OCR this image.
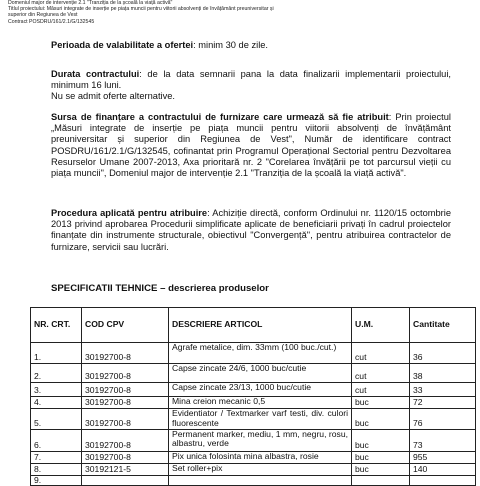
Domeniul major de intervenție 2.1 "Tranziția de la școală la viață activă"
Titlul proiectului: Măsuri integrate de inserție pe piața muncii pentru viitorii absolvenți de învățământ preuniversitar și
superior din Regiunea de Vest
Contract POSDRU/161/2.1/G/132545

Perioada de valabilitate a ofertei: minim 30 de zile.

Durata contractului: de la data semnarii pana la data finalizarii implementarii proiectului, minimum 16 luni.

Nu se admit oferte alternative.

Sursa de finanțare a contractului de furnizare care urmează să fie atribuit: Prin proiectul „Măsuri integrate de inserție pe piața muncii pentru viitorii absolvenți de învățământ preuniversitar și superior din Regiunea de Vest", Număr de identificare contract POSDRU/161/2.1/G/132545, cofinantat prin Programul Operațional Sectorial pentru Dezvoltarea Resurselor Umane 2007-2013, Axa prioritară nr. 2 "Corelarea învățării pe tot parcursul vieții cu piața muncii", Domeniul major de intervenție 2.1 "Tranziția de la școală la viață activă".

Procedura aplicată pentru atribuire: Achiziție directă, conform Ordinului nr. 1120/15 octombrie 2013 privind aprobarea Procedurii simplificate aplicate de beneficiarii privați în cadrul proiectelor finanțate din instrumente structurale, obiectivul "Convergență", pentru atribuirea contractelor de furnizare, servicii sau lucrări.

SPECIFICATII TEHNICE – descrierea produselor
NR. CRT.	COD CPV	DESCRIERE ARTICOL	U.M.	Cantitate
1.	30192700-8	Agrafe metalice, dim. 33mm (100 buc./cut.)	cut	36
2.	30192700-8	Capse zincate 24/6, 1000 buc/cutie	cut	38
3.	30192700-8	Capse zincate 23/13, 1000 buc/cutie	cut	33
4.	30192700-8	Mina creion mecanic 0,5	buc	72
5.	30192700-8	Evidentiator / Textmarker varf testi, div. culori fluorescente	buc	76
6.	30192700-8	Permanent marker, mediu, 1 mm, negru, rosu, albastru, verde	buc	73
7.	30192700-8	Pix unica folosinta mina albastra, rosie	buc	955
8.	30192121-5	Set roller+pix	buc	140
9.				
